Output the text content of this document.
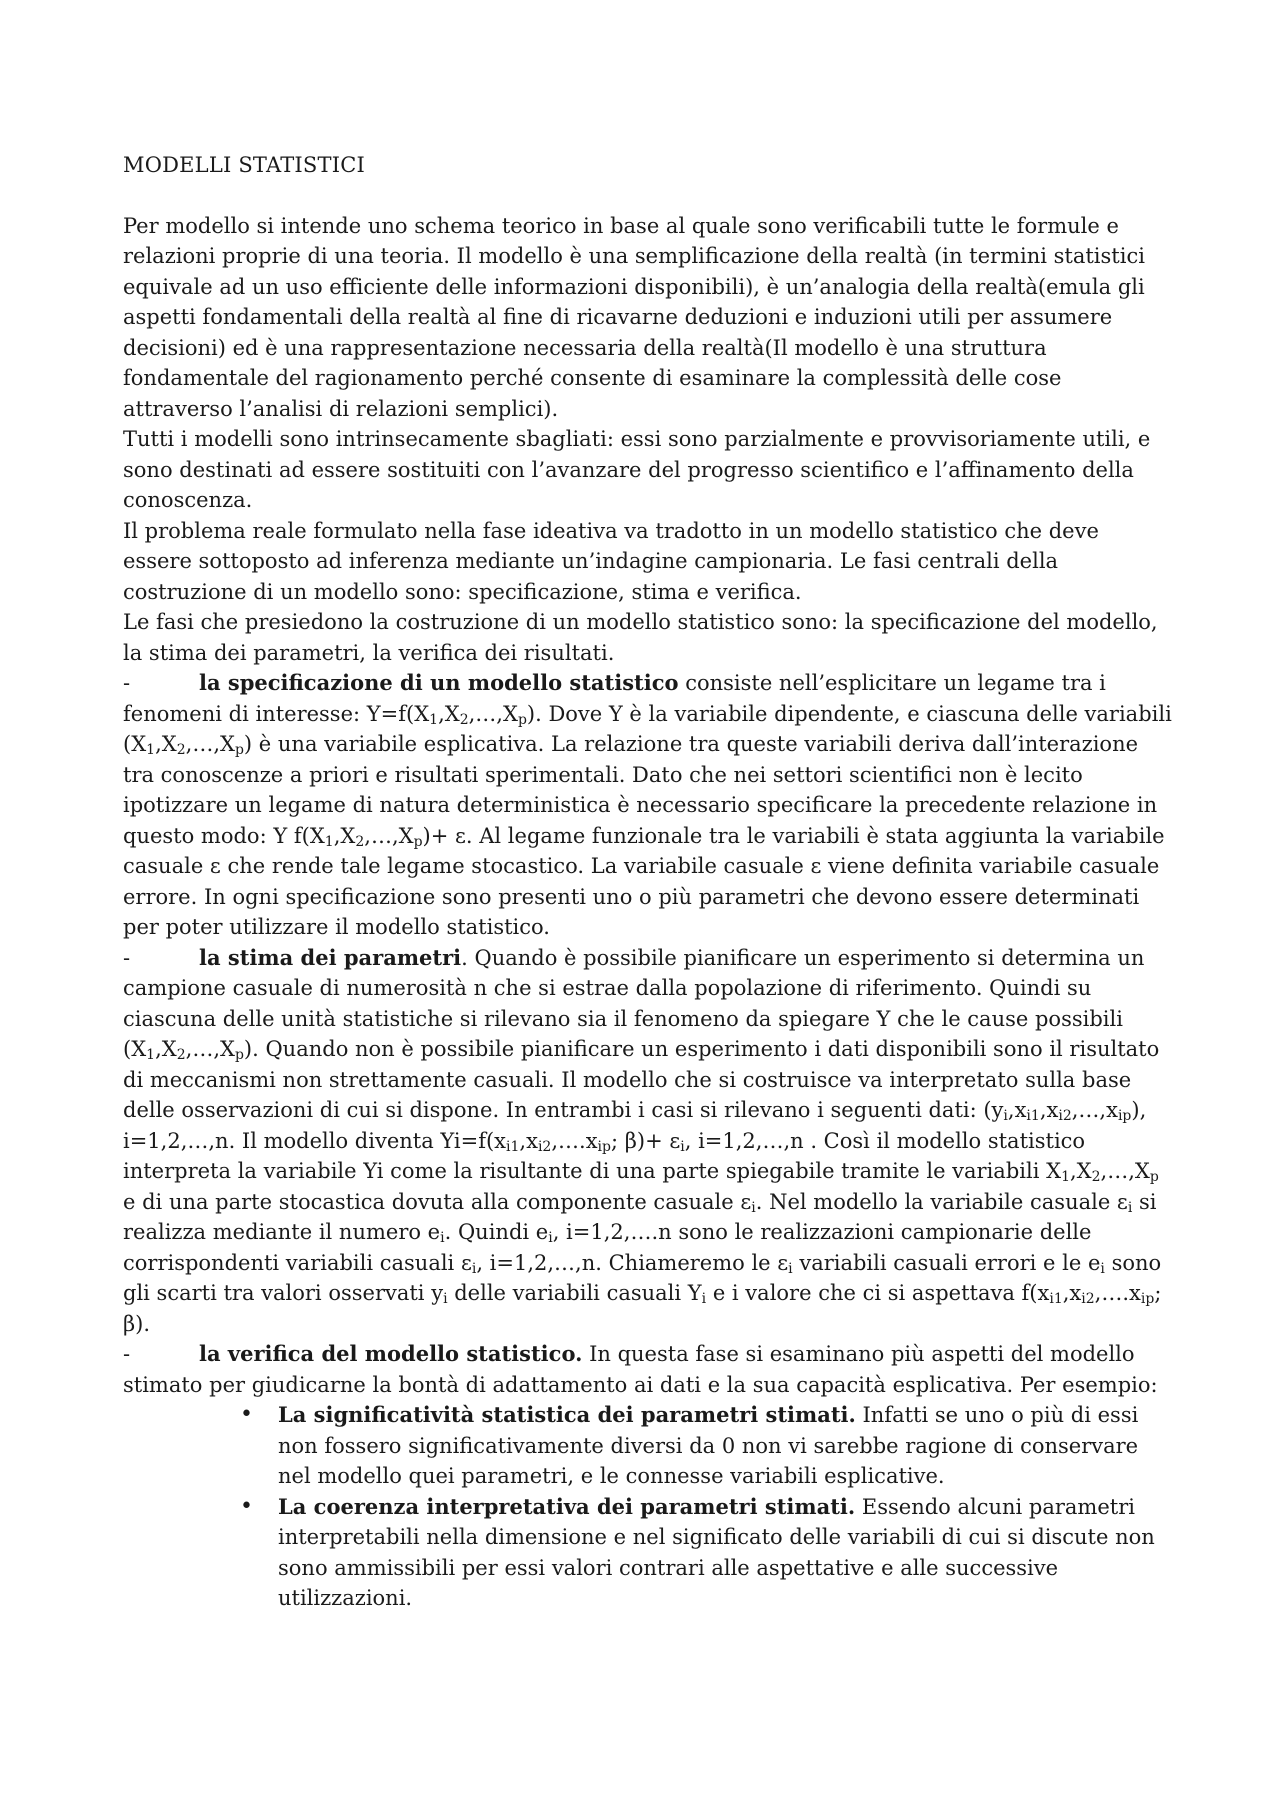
MODELLI STATISTICI

Per modello si intende uno schema teorico in base al quale sono verificabili tutte le formule e relazioni proprie di una teoria. Il modello è una semplificazione della realtà (in termini statistici equivale ad un uso efficiente delle informazioni disponibili), è un’analogia della realtà(emula gli aspetti fondamentali della realtà al fine di ricavarne deduzioni e induzioni utili per assumere decisioni) ed è una rappresentazione necessaria della realtà(Il modello è una struttura fondamentale del ragionamento perché consente di esaminare la complessità delle cose attraverso l’analisi di relazioni semplici).

Tutti i modelli sono intrinsecamente sbagliati: essi sono parzialmente e provvisoriamente utili, e sono destinati ad essere sostituiti con l’avanzare del progresso scientifico e l’affinamento della conoscenza.

Il problema reale formulato nella fase ideativa va tradotto in un modello statistico che deve essere sottoposto ad inferenza mediante un’indagine campionaria. Le fasi centrali della costruzione di un modello sono: specificazione, stima e verifica.

Le fasi che presiedono la costruzione di un modello statistico sono: la specificazione del modello, la stima dei parametri, la verifica dei risultati.

-	la specificazione di un modello statistico consiste nell’esplicitare un legame tra i fenomeni di interesse: $Y=f(X_1,X_2,\dots,X_p)$. Dove Y è la variabile dipendente, e ciascuna delle variabili $(X_1,X_2,\dots,X_p)$ è una variabile esplicativa. La relazione tra queste variabili deriva dall’interazione tra conoscenze a priori e risultati sperimentali. Dato che nei settori scientifici non è lecito ipotizzare un legame di natura deterministica è necessario specificare la precedente relazione in questo modo: Y $f(X_1,X_2,\dots,X_p)+ \varepsilon$. Al legame funzionale tra le variabili è stata aggiunta la variabile casuale ε che rende tale legame stocastico. La variabile casuale ε viene definita variabile casuale errore. In ogni specificazione sono presenti uno o più parametri che devono essere determinati per poter utilizzare il modello statistico.

-	la stima dei parametri. Quando è possibile pianificare un esperimento si determina un campione casuale di numerosità n che si estrae dalla popolazione di riferimento. Quindi su ciascuna delle unità statistiche si rilevano sia il fenomeno da spiegare Y che le cause possibili $(X_1,X_2,\dots,X_p)$. Quando non è possibile pianificare un esperimento i dati disponibili sono il risultato di meccanismi non strettamente casuali. Il modello che si costruisce va interpretato sulla base delle osservazioni di cui si dispone. In entrambi i casi si rilevano i seguenti dati: $(y_i,x_{i1},x_{i2},\dots,x_{ip})$, i=1,2,…,n. Il modello diventa $Yi=f(x_{i1},x_{i2},\dots.x_{ip}$; $\beta)+ \varepsilon_i$, i=1,2,…,n . Così il modello statistico interpreta la variabile Yi come la risultante di una parte spiegabile tramite le variabili $X_1,X_2,\dots,X_p$ e di una parte stocastica dovuta alla componente casuale $\varepsilon_i$. Nel modello la variabile casuale $\varepsilon_i$ si realizza mediante il numero $e_i$. Quindi $e_i$, i=1,2,….n sono le realizzazioni campionarie delle corrispondenti variabili casuali $\varepsilon_i$, i=1,2,…,n. Chiameremo le $\varepsilon_i$ variabili casuali errori e le $e_i$ sono gli scarti tra valori osservati $y_i$ delle variabili casuali $Y_i$ e i valore che ci si aspettava $f(x_{i1},x_{i2},\dots.x_{ip}$; β).

-	la verifica del modello statistico. In questa fase si esaminano più aspetti del modello stimato per giudicarne la bontà di adattamento ai dati e la sua capacità esplicativa. Per esempio:

• La significatività statistica dei parametri stimati. Infatti se uno o più di essi non fossero significativamente diversi da 0 non vi sarebbe ragione di conservare nel modello quei parametri, e le connesse variabili esplicative.
• La coerenza interpretativa dei parametri stimati. Essendo alcuni parametri interpretabili nella dimensione e nel significato delle variabili di cui si discute non sono ammissibili per essi valori contrari alle aspettative e alle successive utilizzazioni.
